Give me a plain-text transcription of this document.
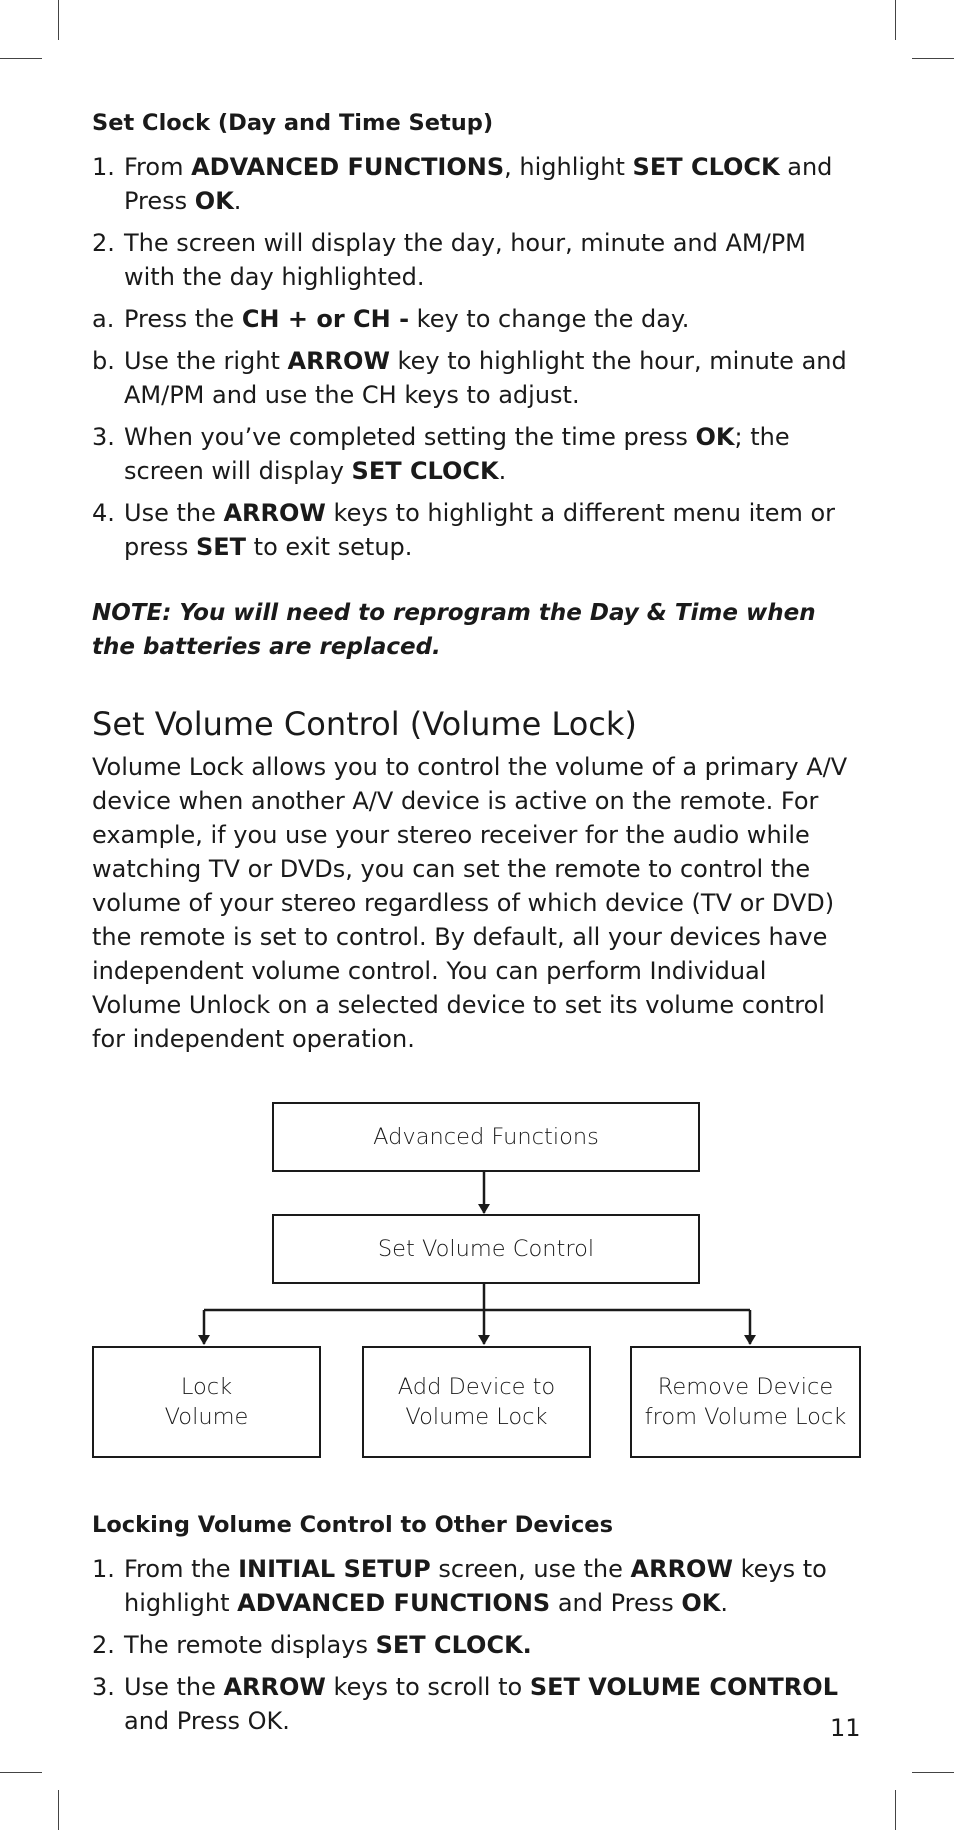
Set Clock (Day and Time Setup)
1. From ADVANCED FUNCTIONS, highlight SET CLOCK and Press OK.
2. The screen will display the day, hour, minute and AM/PM with the day highlighted.
a. Press the CH + or CH - key to change the day.
b. Use the right ARROW key to highlight the hour, minute and AM/PM and use the CH keys to adjust.
3. When you’ve completed setting the time press OK; the screen will display SET CLOCK.
4. Use the ARROW keys to highlight a different menu item or press SET to exit setup.

NOTE: You will need to reprogram the Day & Time when the batteries are replaced.

Set Volume Control (Volume Lock)

Volume Lock allows you to control the volume of a primary A/V device when another A/V device is active on the remote. For example, if you use your stereo receiver for the audio while watching TV or DVDs, you can set the remote to control the volume of your stereo regardless of which device (TV or DVD) the remote is set to control. By default, all your devices have independent volume control. You can perform Individual Volume Unlock on a selected device to set its volume control for independent operation.

Advanced Functions
Set Volume Control
Lock
Volume
Add Device to
Volume Lock
Remove Device
from Volume Lock
Locking Volume Control to Other Devices
1. From the INITIAL SETUP screen, use the ARROW keys to highlight ADVANCED FUNCTIONS and Press OK.
2. The remote displays SET CLOCK.
3. Use the ARROW keys to scroll to SET VOLUME CONTROL and Press OK.	11
